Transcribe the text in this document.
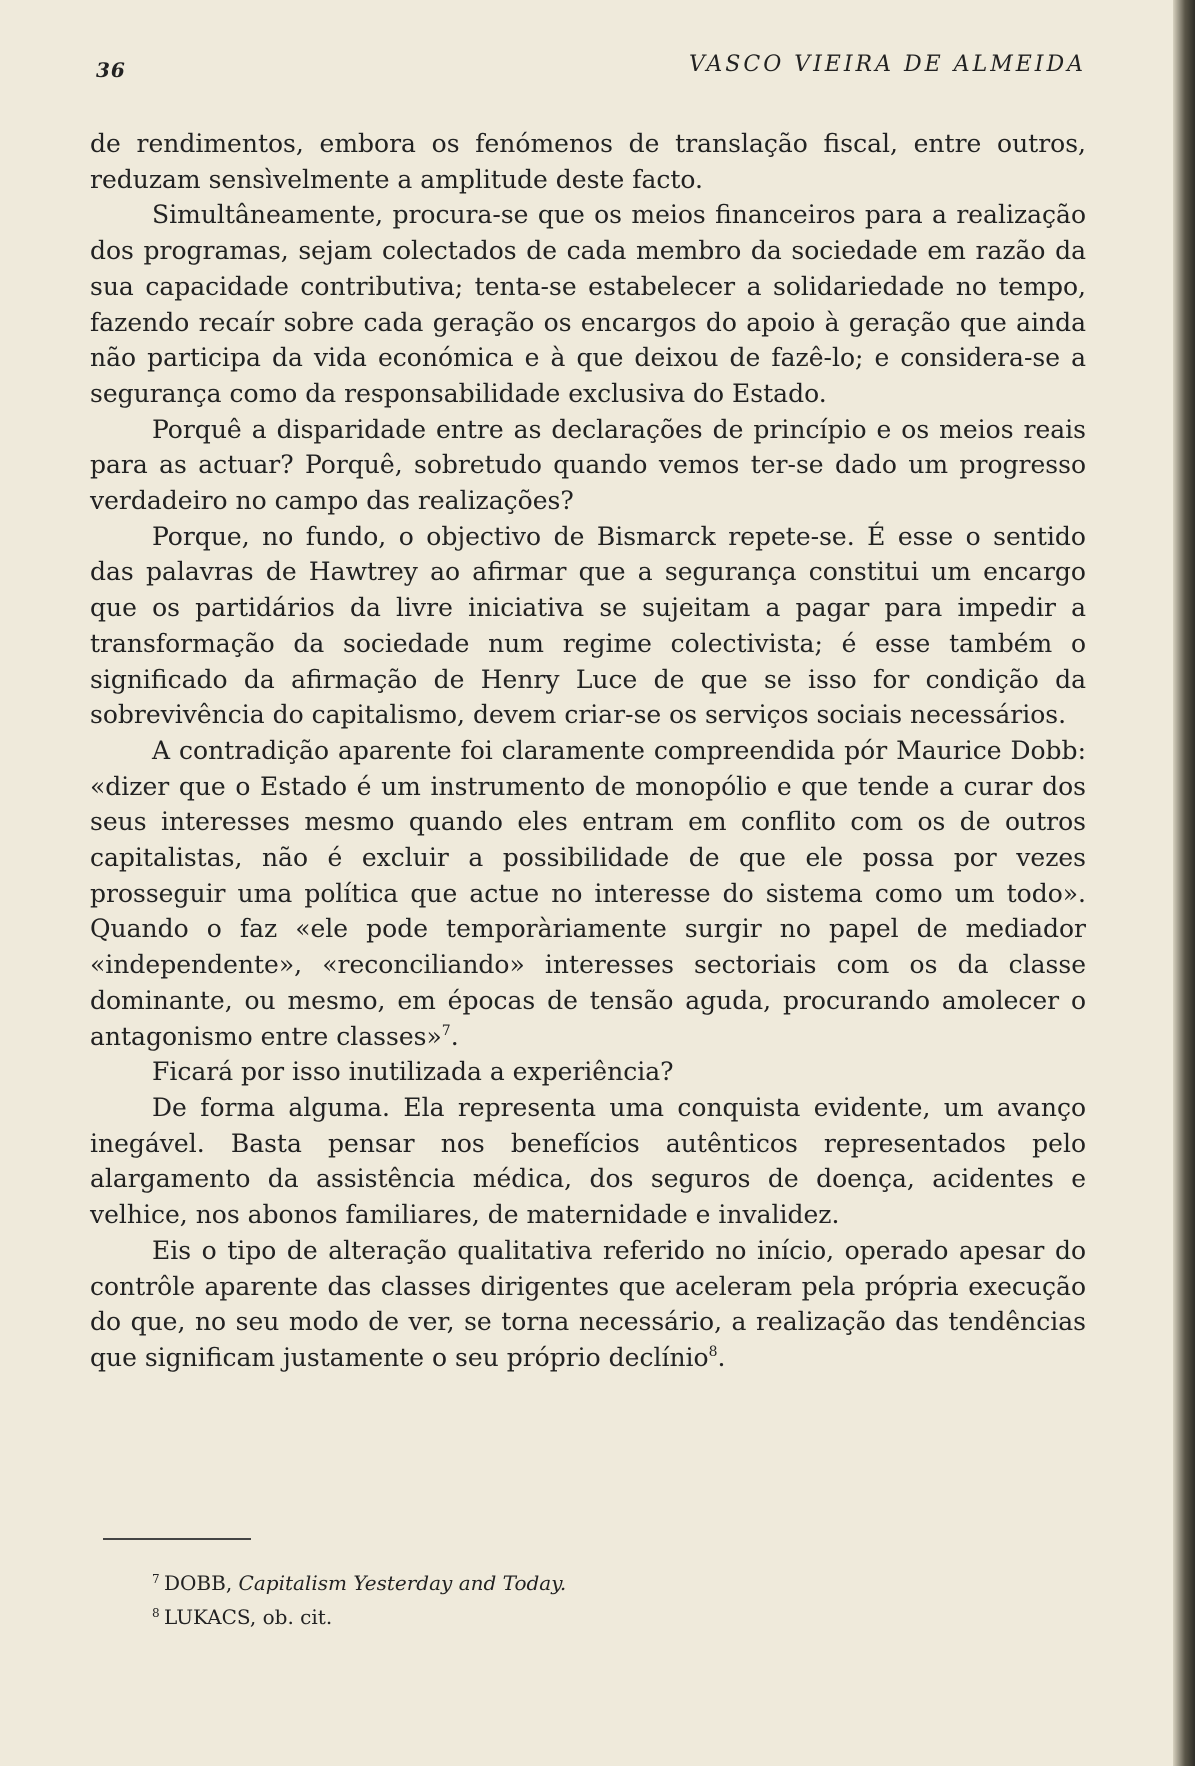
36	VASCO VIEIRA DE ALMEIDA

de rendimentos, embora os fenómenos de translação fiscal, entre outros, reduzam sensìvelmente a amplitude deste facto.

Simultâneamente, procura-se que os meios financeiros para a realização dos programas, sejam colectados de cada membro da sociedade em razão da sua capacidade contributiva; tenta-se estabelecer a solidariedade no tempo, fazendo recaír sobre cada geração os encargos do apoio à geração que ainda não participa da vida económica e à que deixou de fazê-lo; e considera-se a segurança como da responsabilidade exclusiva do Estado.

Porquê a disparidade entre as declarações de princípio e os meios reais para as actuar? Porquê, sobretudo quando vemos ter-se dado um progresso verdadeiro no campo das realizações?

Porque, no fundo, o objectivo de Bismarck repete-se. É esse o sentido das palavras de Hawtrey ao afirmar que a segurança constitui um encargo que os partidários da livre iniciativa se sujeitam a pagar para impedir a transformação da sociedade num regime colectivista; é esse também o significado da afirmação de Henry Luce de que se isso for condição da sobrevivência do capitalismo, devem criar-se os serviços sociais necessários.

A contradição aparente foi claramente compreendida pór Maurice Dobb: «dizer que o Estado é um instrumento de monopólio e que tende a curar dos seus interesses mesmo quando eles entram em conflito com os de outros capitalistas, não é excluir a possibilidade de que ele possa por vezes prosseguir uma política que actue no interesse do sistema como um todo». Quando o faz «ele pode temporàriamente surgir no papel de mediador «independente», «reconciliando» interesses sectoriais com os da classe dominante, ou mesmo, em épocas de tensão aguda, procurando amolecer o antagonismo entre classes»$^7$.

Ficará por isso inutilizada a experiência?

De forma alguma. Ela representa uma conquista evidente, um avanço inegável. Basta pensar nos benefícios autênticos representados pelo alargamento da assistência médica, dos seguros de doença, acidentes e velhice, nos abonos familiares, de maternidade e invalidez.

Eis o tipo de alteração qualitativa referido no início, operado apesar do contrôle aparente das classes dirigentes que aceleram pela própria execução do que, no seu modo de ver, se torna necessário, a realização das tendências que significam justamente o seu próprio declínio$^8$.

7 DOBB, Capitalism Yesterday and Today.

8 LUKACS, ob. cit.
